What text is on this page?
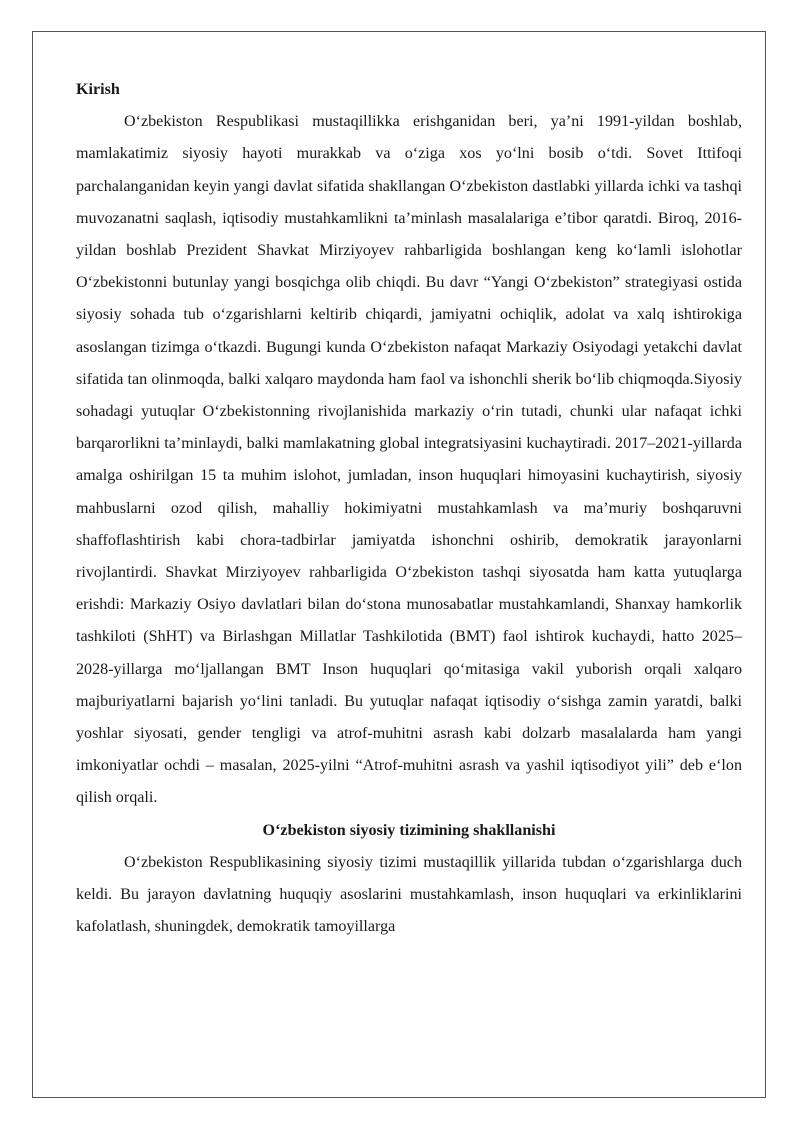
Kirish

O‘zbekiston Respublikasi mustaqillikka erishganidan beri, ya’ni 1991-yildan boshlab, mamlakatimiz siyosiy hayoti murakkab va o‘ziga xos yo‘lni bosib o‘tdi. Sovet Ittifoqi parchalanganidan keyin yangi davlat sifatida shakllangan O‘zbekiston dastlabki yillarda ichki va tashqi muvozanatni saqlash, iqtisodiy mustahkamlikni ta’minlash masalalariga e’tibor qaratdi. Biroq, 2016-yildan boshlab Prezident Shavkat Mirziyoyev rahbarligida boshlangan keng ko‘lamli islohotlar O‘zbekistonni butunlay yangi bosqichga olib chiqdi. Bu davr “Yangi O‘zbekiston” strategiyasi ostida siyosiy sohada tub o‘zgarishlarni keltirib chiqardi, jamiyatni ochiqlik, adolat va xalq ishtirokiga asoslangan tizimga o‘tkazdi. Bugungi kunda O‘zbekiston nafaqat Markaziy Osiyodagi yetakchi davlat sifatida tan olinmoqda, balki xalqaro maydonda ham faol va ishonchli sherik bo‘lib chiqmoqda.Siyosiy sohadagi yutuqlar O‘zbekistonning rivojlanishida markaziy o‘rin tutadi, chunki ular nafaqat ichki barqarorlikni ta’minlaydi, balki mamlakatning global integratsiyasini kuchaytiradi. 2017–2021-yillarda amalga oshirilgan 15 ta muhim islohot, jumladan, inson huquqlari himoyasini kuchaytirish, siyosiy mahbuslarni ozod qilish, mahalliy hokimiyatni mustahkamlash va ma’muriy boshqaruvni shaffoflashtirish kabi chora-tadbirlar jamiyatda ishonchni oshirib, demokratik jarayonlarni rivojlantirdi. Shavkat Mirziyoyev rahbarligida O‘zbekiston tashqi siyosatda ham katta yutuqlarga erishdi: Markaziy Osiyo davlatlari bilan do‘stona munosabatlar mustahkamlandi, Shanxay hamkorlik tashkiloti (ShHT) va Birlashgan Millatlar Tashkilotida (BMT) faol ishtirok kuchaydi, hatto 2025–2028-yillarga mo‘ljallangan BMT Inson huquqlari qo‘mitasiga vakil yuborish orqali xalqaro majburiyatlarni bajarish yo‘lini tanladi. Bu yutuqlar nafaqat iqtisodiy o‘sishga zamin yaratdi, balki yoshlar siyosati, gender tengligi va atrof-muhitni asrash kabi dolzarb masalalarda ham yangi imkoniyatlar ochdi – masalan, 2025-yilni “Atrof-muhitni asrash va yashil iqtisodiyot yili” deb e‘lon qilish orqali.

O‘zbekiston siyosiy tizimining shakllanishi

O‘zbekiston Respublikasining siyosiy tizimi mustaqillik yillarida tubdan o‘zgarishlarga duch keldi. Bu jarayon davlatning huquqiy asoslarini mustahkamlash, inson huquqlari va erkinliklarini kafolatlash, shuningdek, demokratik tamoyillarga
